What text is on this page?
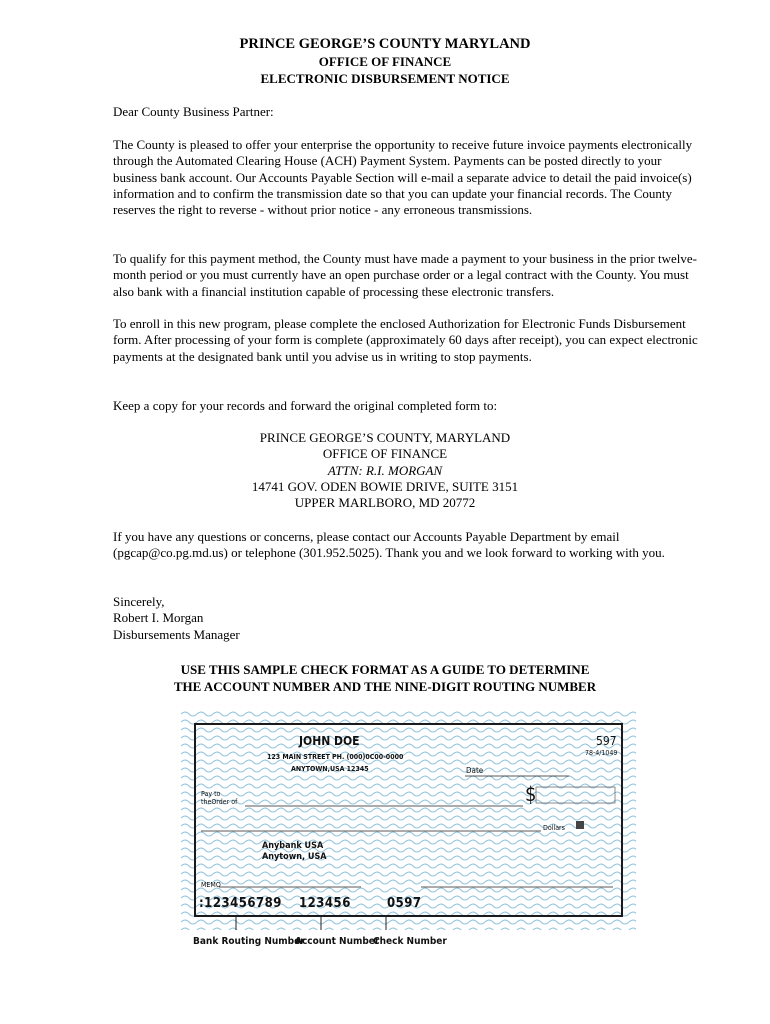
PRINCE GEORGE’S COUNTY MARYLAND
OFFICE OF FINANCE
ELECTRONIC DISBURSEMENT NOTICE
Dear County Business Partner:
The County is pleased to offer your enterprise the opportunity to receive future invoice payments electronically through the Automated Clearing House (ACH) Payment System. Payments can be posted directly to your business bank account. Our Accounts Payable Section will e-mail a separate advice to detail the paid invoice(s) information and to confirm the transmission date so that you can update your financial records. The County reserves the right to reverse - without prior notice - any erroneous transmissions.
To qualify for this payment method, the County must have made a payment to your business in the prior twelve-month period or you must currently have an open purchase order or a legal contract with the County. You must also bank with a financial institution capable of processing these electronic transfers.
To enroll in this new program, please complete the enclosed Authorization for Electronic Funds Disbursement form. After processing of your form is complete (approximately 60 days after receipt), you can expect electronic payments at the designated bank until you advise us in writing to stop payments.
Keep a copy for your records and forward the original completed form to:
PRINCE GEORGE’S COUNTY, MARYLAND
OFFICE OF FINANCE
ATTN: R.I. MORGAN
14741 GOV. ODEN BOWIE DRIVE, SUITE 3151
UPPER MARLBORO, MD 20772
If you have any questions or concerns, please contact our Accounts Payable Department by email (pgcap@co.pg.md.us) or telephone (301.952.5025). Thank you and we look forward to working with you.
Sincerely,
Robert I. Morgan
Disbursements Manager
USE THIS SAMPLE CHECK FORMAT AS A GUIDE TO DETERMINE
THE ACCOUNT NUMBER AND THE NINE-DIGIT ROUTING NUMBER
JOHN DOE
123 MAIN STREET PH. (000)0C00-0000
ANYTOWN,USA 12345
597
78-4/1049
Date
Pay to
theOrder of	$
Dollars
Anybank USA
Anytown, USA
MEMO
:123456789 123456	0597
Bank Routing Number
Account Number
Check Number
